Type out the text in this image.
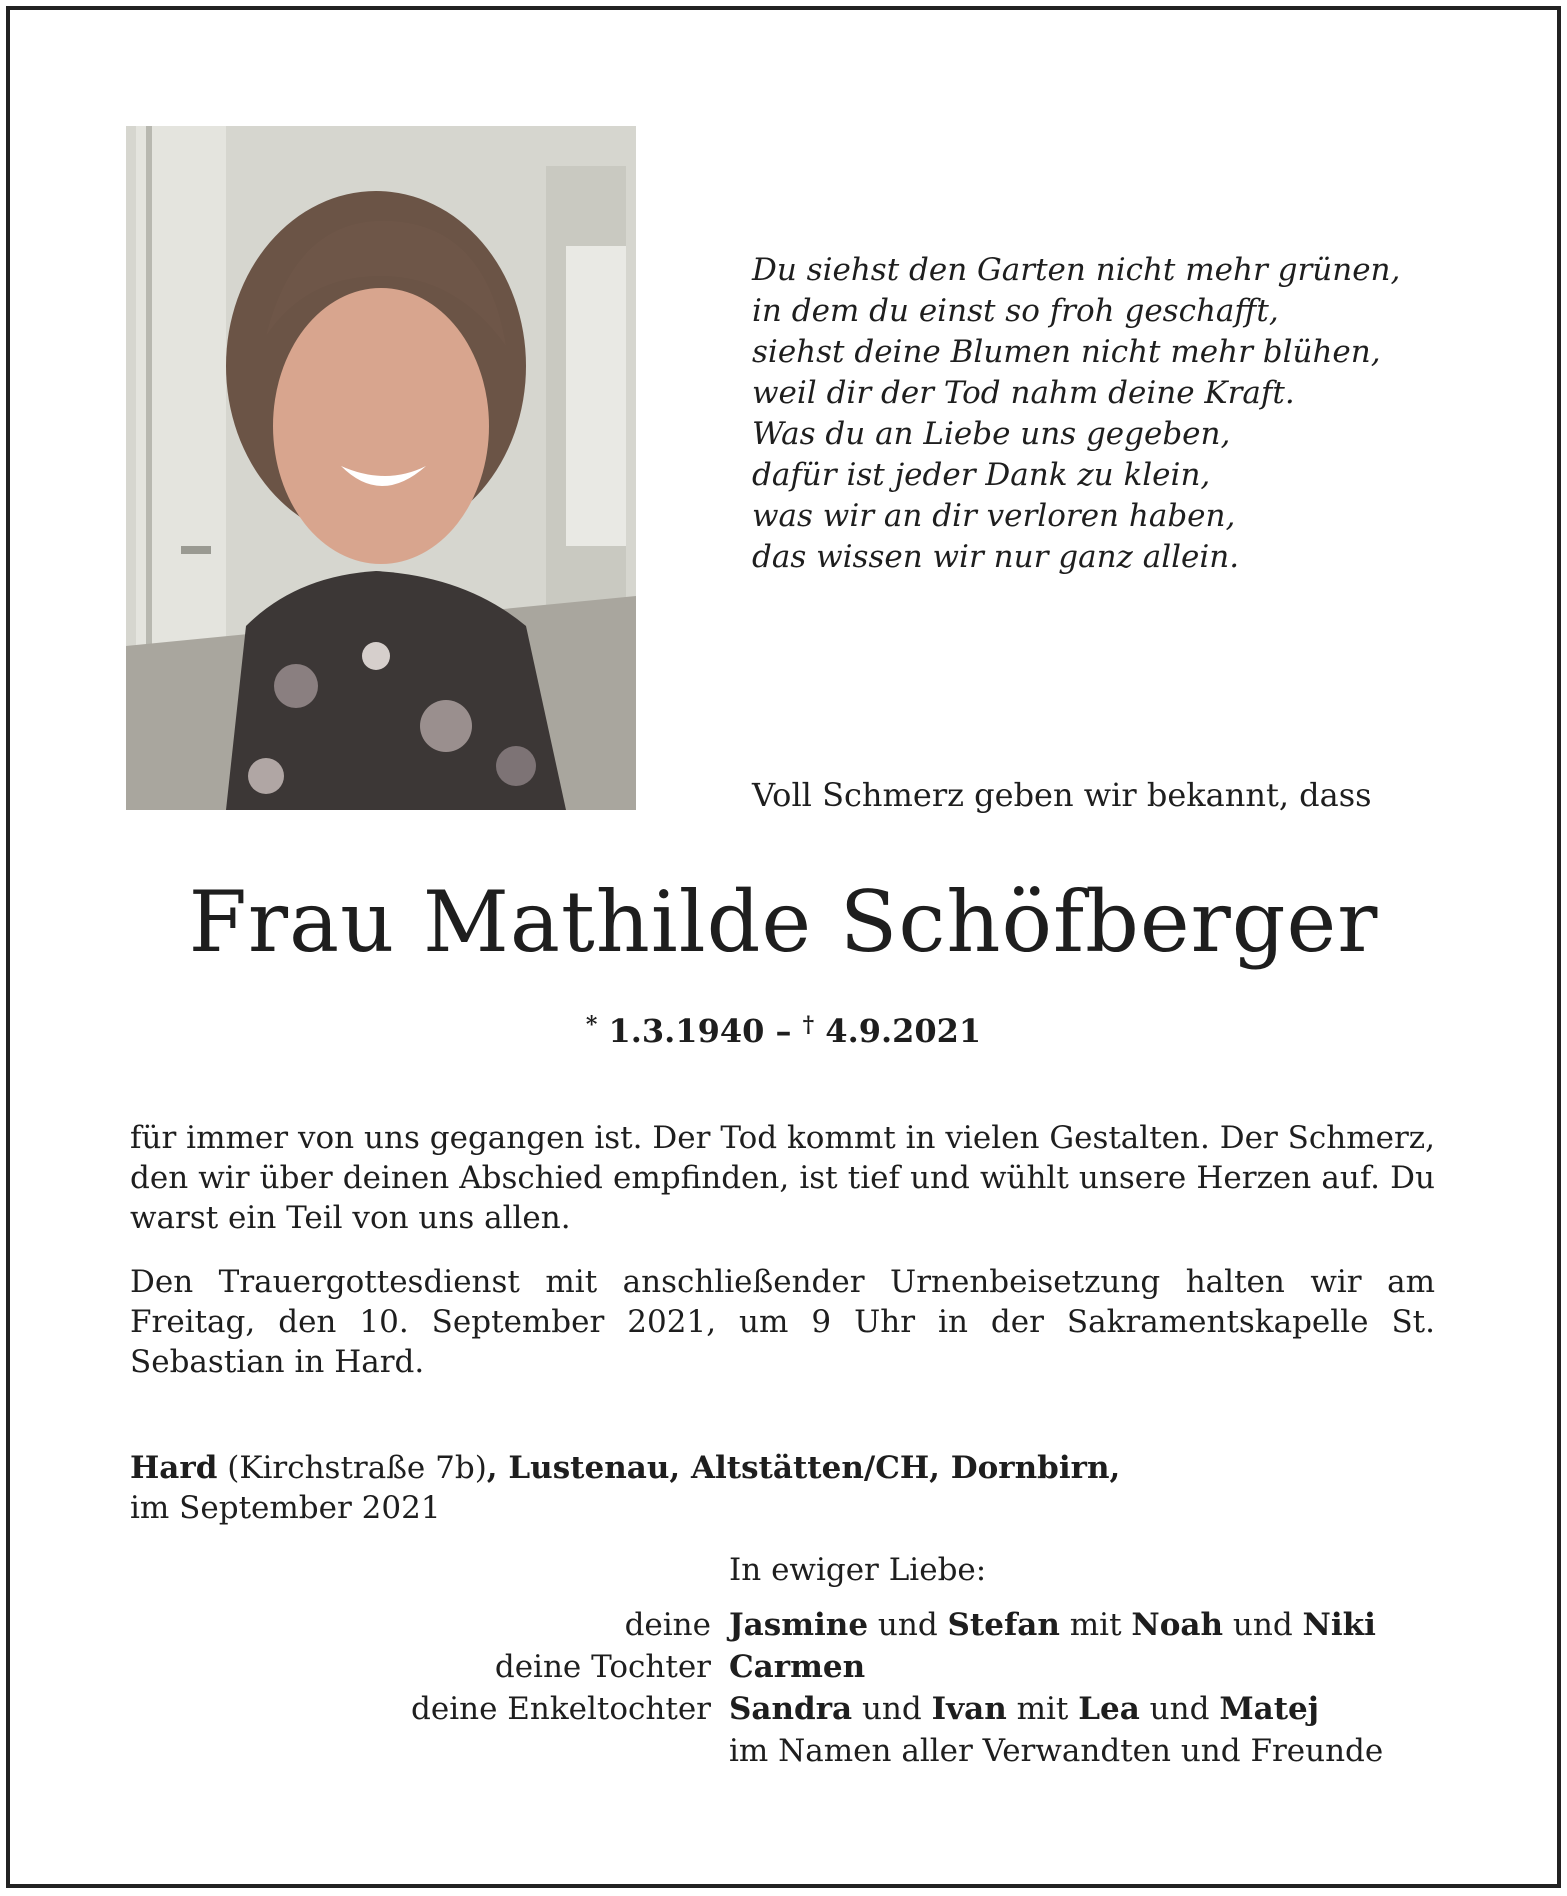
Du siehst den Garten nicht mehr grünen,
in dem du einst so froh geschafft,
siehst deine Blumen nicht mehr blühen,
weil dir der Tod nahm deine Kraft.
Was du an Liebe uns gegeben,
dafür ist jeder Dank zu klein,
was wir an dir verloren haben,
das wissen wir nur ganz allein.
Voll Schmerz geben wir bekannt, dass
Frau Mathilde Schöfberger
* 1.3.1940 – † 4.9.2021
für immer von uns gegangen ist. Der Tod kommt in vielen Gestalten. Der Schmerz, den wir über deinen Abschied empfinden, ist tief und wühlt unsere Herzen auf. Du warst ein Teil von uns allen.
Den Trauergottesdienst mit anschließender Urnenbeisetzung halten wir am Freitag, den 10. September 2021, um 9 Uhr in der Sakramentskapelle St. Sebastian in Hard.
Hard (Kirchstraße 7b), Lustenau, Altstätten/CH, Dornbirn,
im September 2021
In ewiger Liebe:
deine Jasmine und Stefan mit Noah und Niki
deine Tochter Carmen
deine Enkeltochter Sandra und Ivan mit Lea und Matej
im Namen aller Verwandten und Freunde
